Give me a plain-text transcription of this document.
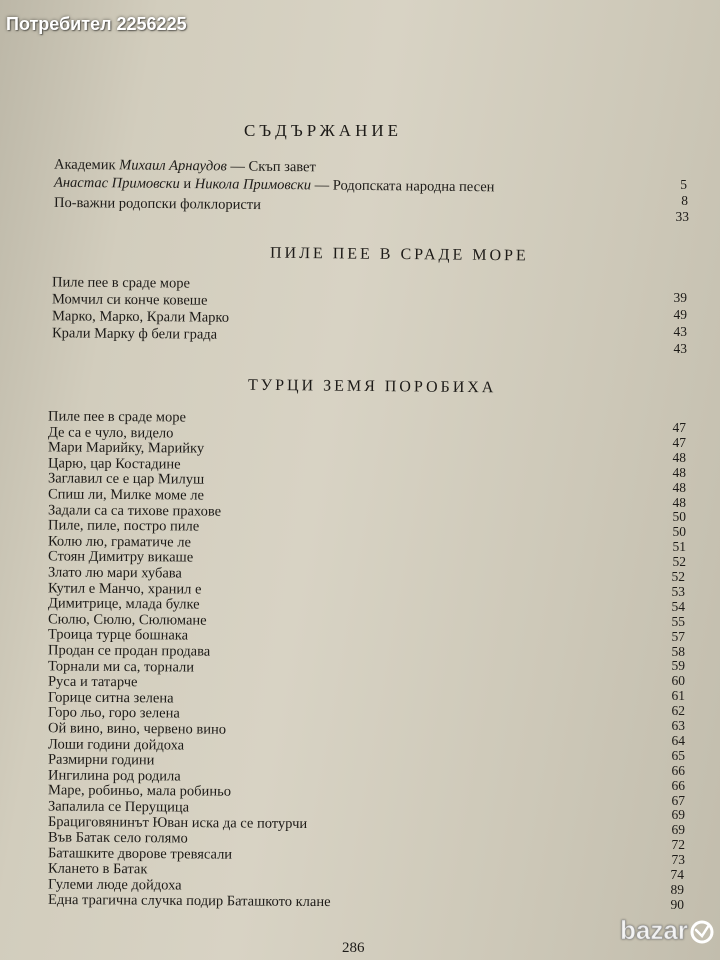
Потребител 2256225
СЪДЪРЖАНИЕ
Академик Михаил Арнаудов — Скъп завет
Анастас Примовски и Никола Примовски — Родопската народна песен
По-важни родопски фолклористи
5
8
33
ПИЛЕ ПЕЕ В СРАДЕ МОРЕ
Пиле пее в сраде море
Момчил си конче ковеше
Марко, Марко, Крали Марко
Крали Марку ф бели града
39
49
43
43
ТУРЦИ ЗЕМЯ ПОРОБИХА
Пиле пее в сраде море
Де са е чуло, видело
Мари Марийку, Марийку
Царю, цар Костадине
Заглавил се е цар Милуш
Спиш ли, Милке моме ле
Задали са са тихове прахове
Пиле, пиле, пострo пиле
Колю лю, граматиче ле
Стоян Димитру викаше
Злато лю мари хубава
Кутил е Манчо, хранил е
Димитрице, млада булке
Сюлю, Сюлю, Сюлюмане
Троица турце бошнака
Продан се продан продава
Торнали ми са, торнали
Руса и татарче
Горице ситна зелена
Горо льо, горо зелена
Ой вино, вино, червено вино
Лоши години дойдоха
Размирни години
Ингилина род родила
Маре, робиньо, мала робиньо
Запалила се Перущица
Брациговянинът Юван иска да се потурчи
Във Батак селo голямо
Баташките дворове тревясали
Клането в Батак
Гулеми люде дойдоха
Една трагична случка подир Баташкото клане
47
47
48
48
48
48
50
50
51
52
52
53
54
55
57
58
59
60
61
62
63
64
65
66
66
67
69
69
72
73
74
89
90
286
bazar
